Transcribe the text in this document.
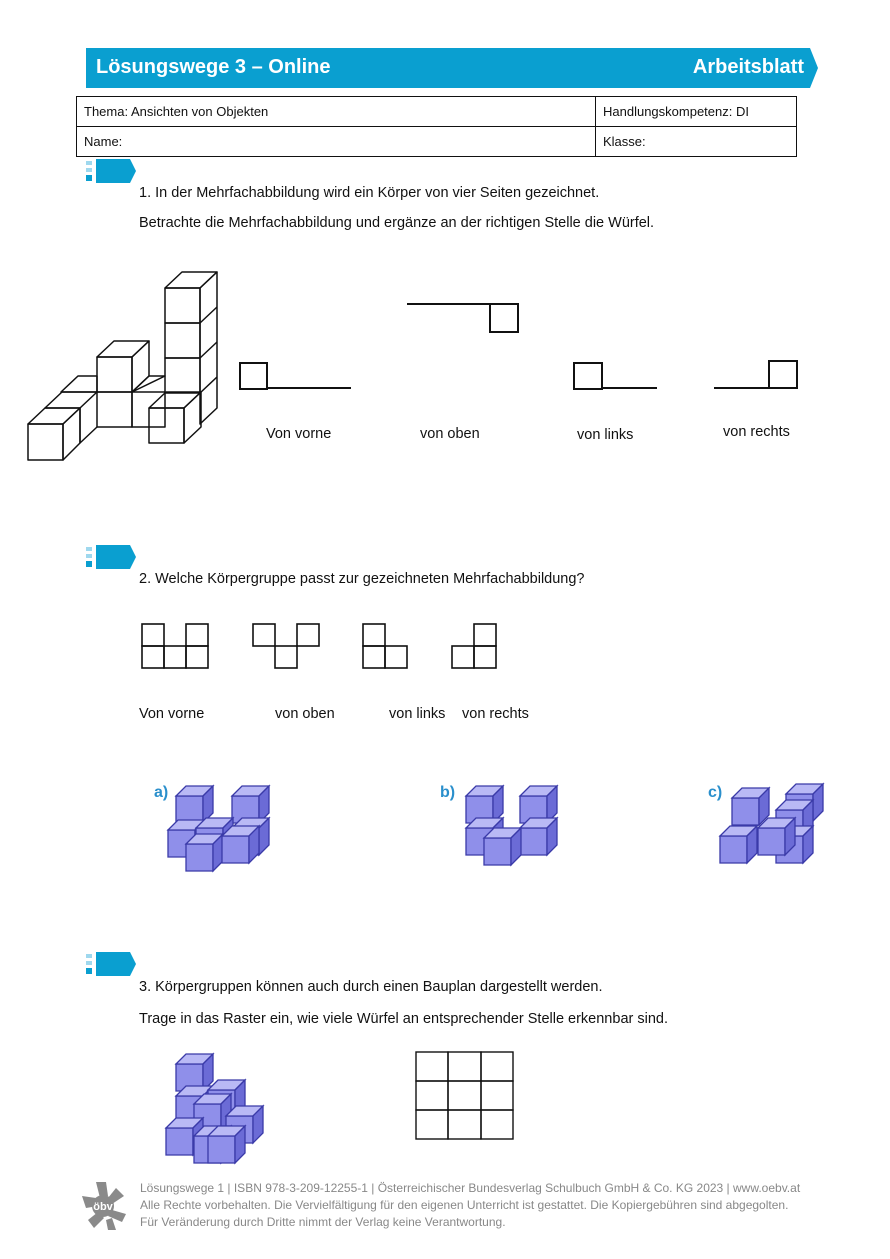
Lösungswege 3 – Online	Arbeitsblatt
Thema: Ansichten von Objekten	Handlungskompetenz: DI
Name:	Klasse:
1. In der Mehrfachabbildung wird ein Körper von vier Seiten gezeichnet.
Betrachte die Mehrfachabbildung und ergänze an der richtigen Stelle die Würfel.
Von vorne	von oben	von links	von rechts
2. Welche Körpergruppe passt zur gezeichneten Mehrfachabbildung?
Von vorne	von oben	von links von rechts
a)	b)	c)
3. Körpergruppen können auch durch einen Bauplan dargestellt werden.
Trage in das Raster ein, wie viele Würfel an entsprechender Stelle erkennbar sind.
öbv
Lösungswege 1 | ISBN 978-3-209-12255-1 | Österreichischer Bundesverlag Schulbuch GmbH & Co. KG 2023 | www.oebv.at
Alle Rechte vorbehalten. Die Vervielfältigung für den eigenen Unterricht ist gestattet. Die Kopiergebühren sind abgegolten.
Für Veränderung durch Dritte nimmt der Verlag keine Verantwortung.
